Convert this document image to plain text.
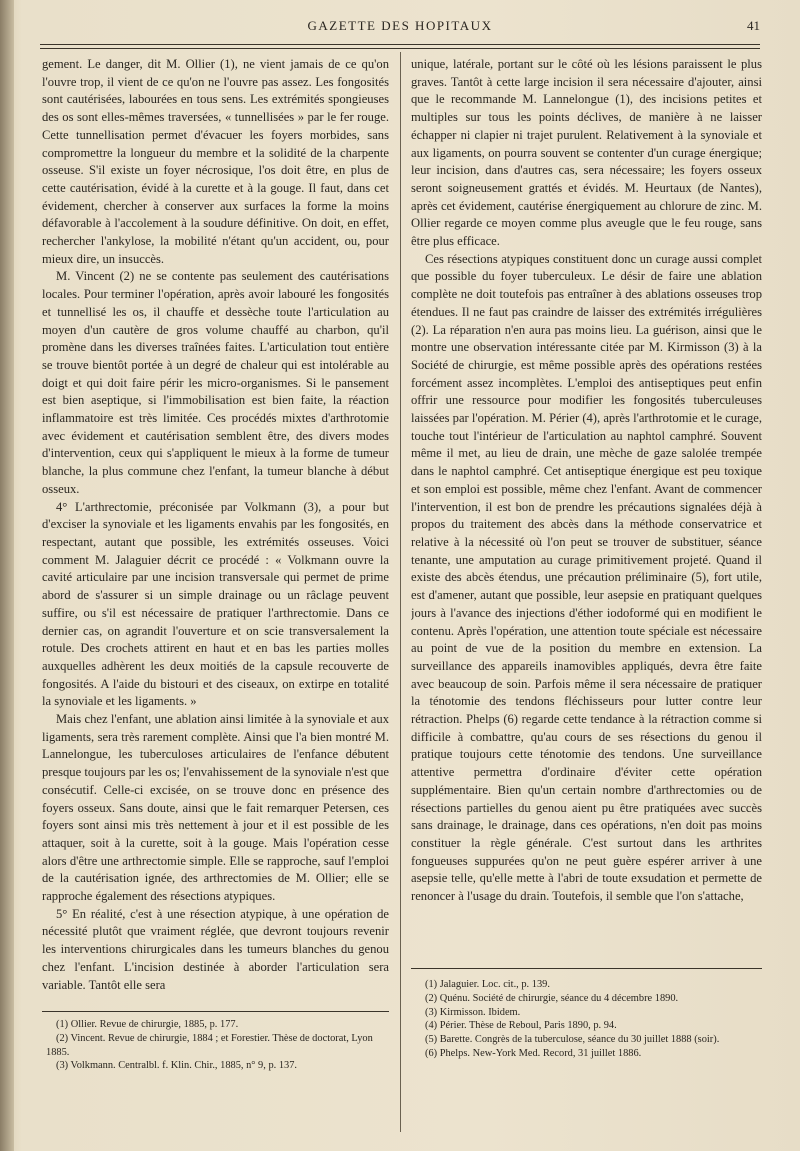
GAZETTE DES HOPITAUX	41

gement. Le danger, dit M. Ollier (1), ne vient jamais de ce qu'on l'ouvre trop, il vient de ce qu'on ne l'ouvre pas assez. Les fongosités sont cautérisées, labourées en tous sens. Les extrémités spongieuses des os sont elles-mêmes traversées, « tunnellisées » par le fer rouge. Cette tunnellisation permet d'évacuer les foyers morbides, sans compromettre la longueur du membre et la solidité de la charpente osseuse. S'il existe un foyer nécrosique, l'os doit être, en plus de cette cautérisation, évidé à la curette et à la gouge. Il faut, dans cet évidement, chercher à conserver aux surfaces la forme la moins défavorable à l'accolement à la soudure définitive. On doit, en effet, rechercher l'ankylose, la mobilité n'étant qu'un accident, ou, pour mieux dire, un insuccès.

M. Vincent (2) ne se contente pas seulement des cautérisations locales. Pour terminer l'opération, après avoir labouré les fongosités et tunnellisé les os, il chauffe et dessèche toute l'articulation au moyen d'un cautère de gros volume chauffé au charbon, qu'il promène dans les diverses traînées faites. L'articulation tout entière se trouve bientôt portée à un degré de chaleur qui est intolérable au doigt et qui doit faire périr les micro-organismes. Si le pansement est bien aseptique, si l'immobilisation est bien faite, la réaction inflammatoire est très limitée. Ces procédés mixtes d'arthrotomie avec évidement et cautérisation semblent être, des divers modes d'intervention, ceux qui s'appliquent le mieux à la forme de tumeur blanche, la plus commune chez l'enfant, la tumeur blanche à début osseux.

4° L'arthrectomie, préconisée par Volkmann (3), a pour but d'exciser la synoviale et les ligaments envahis par les fongosités, en respectant, autant que possible, les extrémités osseuses. Voici comment M. Jalaguier décrit ce procédé : « Volkmann ouvre la cavité articulaire par une incision transversale qui permet de prime abord de s'assurer si un simple drainage ou un râclage peuvent suffire, ou s'il est nécessaire de pratiquer l'arthrectomie. Dans ce dernier cas, on agrandit l'ouverture et on scie transversalement la rotule. Des crochets attirent en haut et en bas les parties molles auxquelles adhèrent les deux moitiés de la capsule recouverte de fongosités. A l'aide du bistouri et des ciseaux, on extirpe en totalité la synoviale et les ligaments. »

Mais chez l'enfant, une ablation ainsi limitée à la synoviale et aux ligaments, sera très rarement complète. Ainsi que l'a bien montré M. Lannelongue, les tuberculoses articulaires de l'enfance débutent presque toujours par les os; l'envahissement de la synoviale n'est que consécutif. Celle-ci excisée, on se trouve donc en présence des foyers osseux. Sans doute, ainsi que le fait remarquer Petersen, ces foyers sont ainsi mis très nettement à jour et il est possible de les attaquer, soit à la curette, soit à la gouge. Mais l'opération cesse alors d'être une arthrectomie simple. Elle se rapproche, sauf l'emploi de la cautérisation ignée, des arthrectomies de M. Ollier; elle se rapproche également des résections atypiques.

5° En réalité, c'est à une résection atypique, à une opération de nécessité plutôt que vraiment réglée, que devront toujours revenir les interventions chirurgicales dans les tumeurs blanches du genou chez l'enfant. L'incision destinée à aborder l'articulation sera variable. Tantôt elle sera

unique, latérale, portant sur le côté où les lésions paraissent le plus graves. Tantôt à cette large incision il sera nécessaire d'ajouter, ainsi que le recommande M. Lannelongue (1), des incisions petites et multiples sur tous les points déclives, de manière à ne laisser échapper ni clapier ni trajet purulent. Relativement à la synoviale et aux ligaments, on pourra souvent se contenter d'un curage énergique; leur incision, dans d'autres cas, sera nécessaire; les foyers osseux seront soigneusement grattés et évidés. M. Heurtaux (de Nantes), après cet évidement, cautérise énergiquement au chlorure de zinc. M. Ollier regarde ce moyen comme plus aveugle que le feu rouge, sans être plus efficace.

Ces résections atypiques constituent donc un curage aussi complet que possible du foyer tuberculeux. Le désir de faire une ablation complète ne doit toutefois pas entraîner à des ablations osseuses trop étendues. Il ne faut pas craindre de laisser des extrémités irrégulières (2). La réparation n'en aura pas moins lieu. La guérison, ainsi que le montre une observation intéressante citée par M. Kirmisson (3) à la Société de chirurgie, est même possible après des opérations restées forcément assez incomplètes. L'emploi des antiseptiques peut enfin offrir une ressource pour modifier les fongosités tuberculeuses laissées par l'opération. M. Périer (4), après l'arthrotomie et le curage, touche tout l'intérieur de l'articulation au naphtol camphré. Souvent même il met, au lieu de drain, une mèche de gaze salolée trempée dans le naphtol camphré. Cet antiseptique énergique est peu toxique et son emploi est possible, même chez l'enfant. Avant de commencer l'intervention, il est bon de prendre les précautions signalées déjà à propos du traitement des abcès dans la méthode conservatrice et relative à la nécessité où l'on peut se trouver de substituer, séance tenante, une amputation au curage primitivement projeté. Quand il existe des abcès étendus, une précaution préliminaire (5), fort utile, est d'amener, autant que possible, leur asepsie en pratiquant quelques jours à l'avance des injections d'éther iodoformé qui en modifient le contenu. Après l'opération, une attention toute spéciale est nécessaire au point de vue de la position du membre en extension. La surveillance des appareils inamovibles appliqués, devra être faite avec beaucoup de soin. Parfois même il sera nécessaire de pratiquer la ténotomie des tendons fléchisseurs pour lutter contre leur rétraction. Phelps (6) regarde cette tendance à la rétraction comme si difficile à combattre, qu'au cours de ses résections du genou il pratique toujours cette ténotomie des tendons. Une surveillance attentive permettra d'ordinaire d'éviter cette opération supplémentaire. Bien qu'un certain nombre d'arthrectomies ou de résections partielles du genou aient pu être pratiquées avec succès sans drainage, le drainage, dans ces opérations, n'en doit pas moins constituer la règle générale. C'est surtout dans les arthrites fongueuses suppurées qu'on ne peut guère espérer arriver à une asepsie telle, qu'elle mette à l'abri de toute exsudation et permette de renoncer à l'usage du drain. Toutefois, il semble que l'on s'attache,

(1) Ollier. Revue de chirurgie, 1885, p. 177.
(2) Vincent. Revue de chirurgie, 1884 ; et Forestier. Thèse de doctorat, Lyon 1885.
(3) Volkmann. Centralbl. f. Klin. Chir., 1885, n° 9, p. 137.
(1) Jalaguier. Loc. cit., p. 139.
(2) Quénu. Société de chirurgie, séance du 4 décembre 1890.
(3) Kirmisson. Ibidem.
(4) Périer. Thèse de Reboul, Paris 1890, p. 94.
(5) Barette. Congrès de la tuberculose, séance du 30 juillet 1888 (soir).
(6) Phelps. New-York Med. Record, 31 juillet 1886.
